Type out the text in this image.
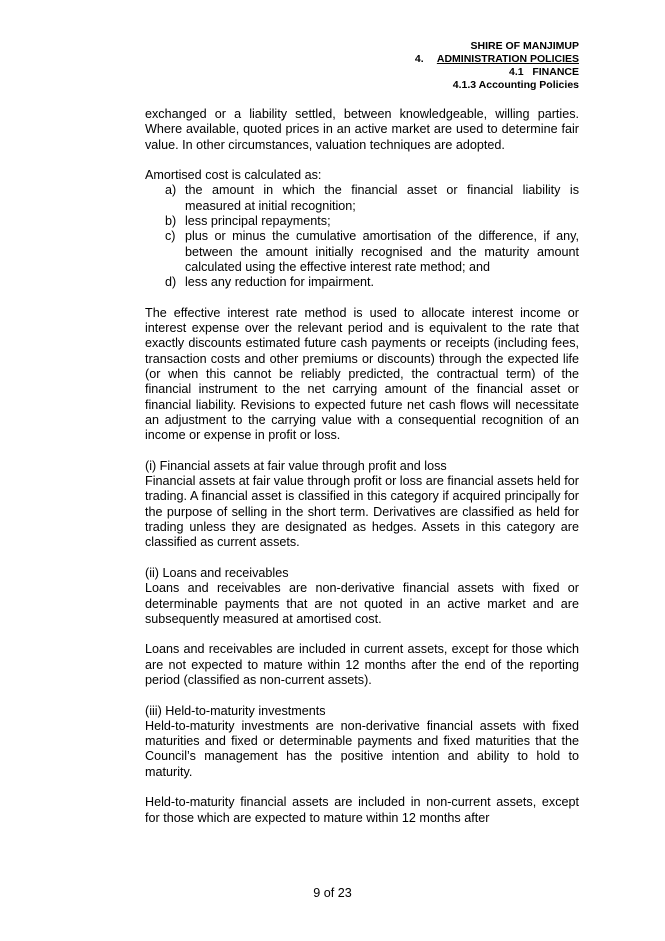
SHIRE OF MANJIMUP
4. ADMINISTRATION POLICIES
4.1   FINANCE
4.1.3 Accounting Policies

exchanged or a liability settled, between knowledgeable, willing parties. Where available, quoted prices in an active market are used to determine fair value. In other circumstances, valuation techniques are adopted.

Amortised cost is calculated as:

a) the amount in which the financial asset or financial liability is measured at initial recognition;
b) less principal repayments;
c) plus or minus the cumulative amortisation of the difference, if any, between the amount initially recognised and the maturity amount calculated using the effective interest rate method; and
d) less any reduction for impairment.

The effective interest rate method is used to allocate interest income or interest expense over the relevant period and is equivalent to the rate that exactly discounts estimated future cash payments or receipts (including fees, transaction costs and other premiums or discounts) through the expected life (or when this cannot be reliably predicted, the contractual term) of the financial instrument to the net carrying amount of the financial asset or financial liability. Revisions to expected future net cash flows will necessitate an adjustment to the carrying value with a consequential recognition of an income or expense in profit or loss.

(i) Financial assets at fair value through profit and loss

Financial assets at fair value through profit or loss are financial assets held for trading. A financial asset is classified in this category if acquired principally for the purpose of selling in the short term. Derivatives are classified as held for trading unless they are designated as hedges. Assets in this category are classified as current assets.

(ii) Loans and receivables

Loans and receivables are non-derivative financial assets with fixed or determinable payments that are not quoted in an active market and are subsequently measured at amortised cost.

Loans and receivables are included in current assets, except for those which are not expected to mature within 12 months after the end of the reporting period (classified as non-current assets).

(iii) Held-to-maturity investments

Held-to-maturity investments are non-derivative financial assets with fixed maturities and fixed or determinable payments and fixed maturities that the Council’s management has the positive intention and ability to hold to maturity.

Held-to-maturity financial assets are included in non-current assets, except for those which are expected to mature within 12 months after

9 of 23
